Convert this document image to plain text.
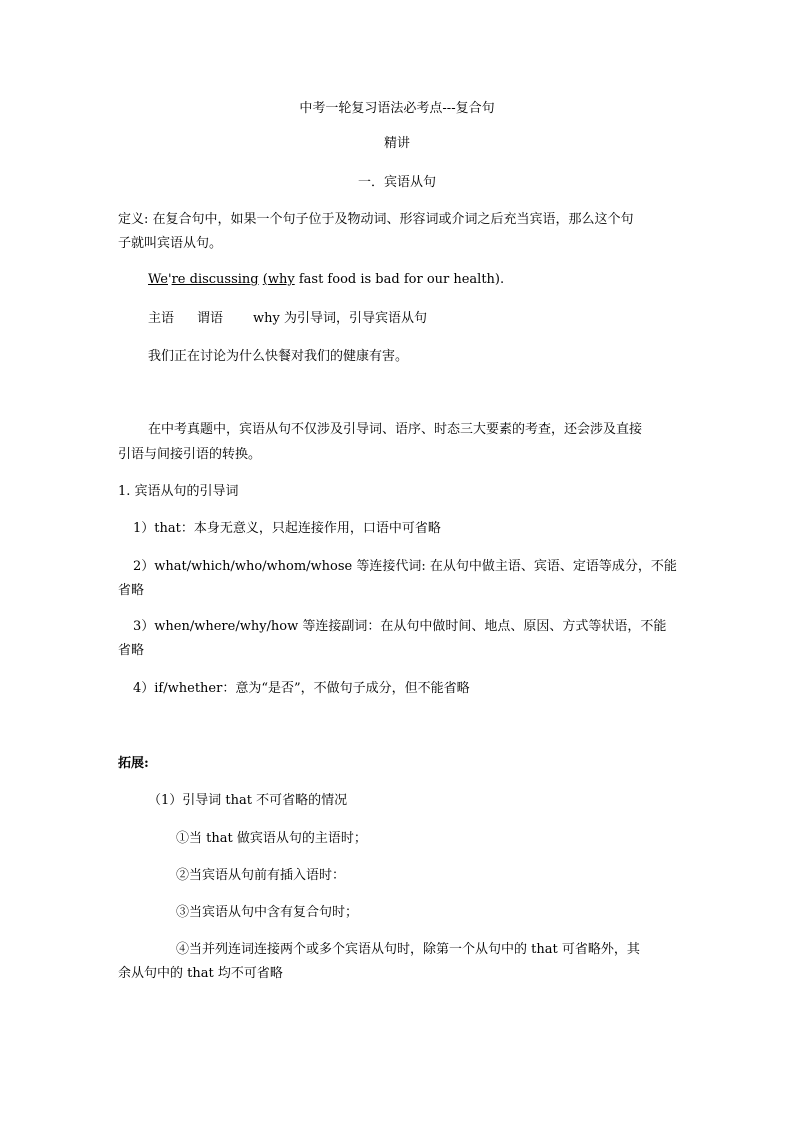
中考一轮复习语法必考点---复合句
精讲
一．宾语从句
定义: 在复合句中，如果一个句子位于及物动词、形容词或介词之后充当宾语，那么这个句
子就叫宾语从句。
We're discussing (why fast food is bad for our health).
主语 谓语 why 为引导词，引导宾语从句
我们正在讨论为什么快餐对我们的健康有害。
在中考真题中，宾语从句不仅涉及引导词、语序、时态三大要素的考查，还会涉及直接
引语与间接引语的转换。
1. 宾语从句的引导词
1）that：本身无意义，只起连接作用，口语中可省略
2）what/which/who/whom/whose 等连接代词: 在从句中做主语、宾语、定语等成分，不能
省略
3）when/where/why/how 等连接副词：在从句中做时间、地点、原因、方式等状语，不能
省略
4）if/whether：意为“是否”，不做句子成分，但不能省略
拓展:
（1）引导词 that 不可省略的情况
①当 that 做宾语从句的主语时；
②当宾语从句前有插入语时：
③当宾语从句中含有复合句时；
④当并列连词连接两个或多个宾语从句时，除第一个从句中的 that 可省略外，其
余从句中的 that 均不可省略
